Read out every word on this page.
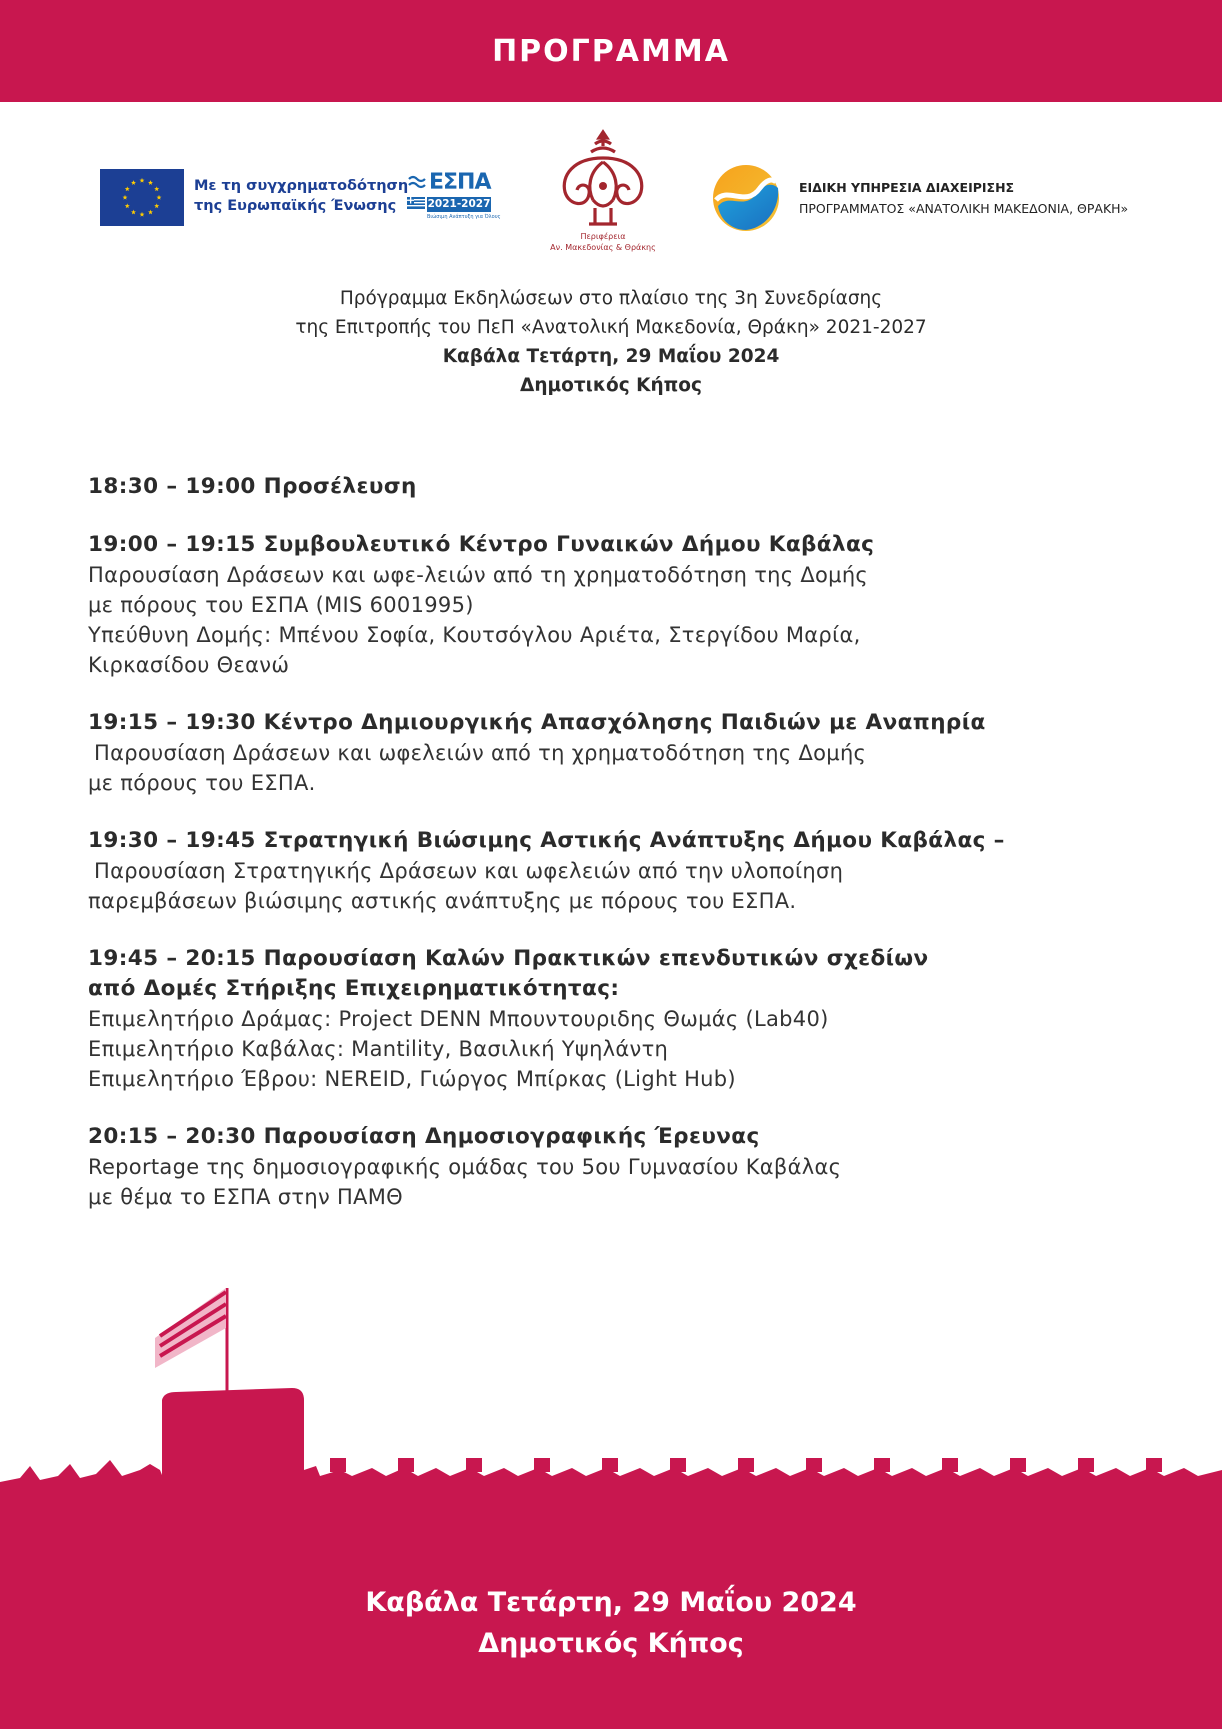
ΠΡΟΓΡΑΜΜΑ
Με τη συγχρηματοδότηση
της Ευρωπαϊκής Ένωσης
ΕΣΠΑ
2021-2027
Βιώσιμη Ανάπτυξη για Όλους
Περιφέρεια
Αν. Μακεδονίας & Θράκης
ΕΙΔΙΚΗ ΥΠΗΡΕΣΙΑ ΔΙΑΧΕΙΡΙΣΗΣ
ΠΡΟΓΡΑΜΜΑΤΟΣ «ΑΝΑΤΟΛΙΚΗ ΜΑΚΕΔΟΝΙΑ, ΘΡΑΚΗ»
Πρόγραμμα Εκδηλώσεων στο πλαίσιο της 3η Συνεδρίασης
της Επιτροπής του ΠεΠ «Ανατολική Μακεδονία, Θράκη» 2021-2027
Καβάλα Τετάρτη, 29 Μαΐου 2024
Δημοτικός Κήπος
18:30 – 19:00 Προσέλευση
19:00 – 19:15 Συμβουλευτικό Κέντρο Γυναικών Δήμου Καβάλας
Παρουσίαση Δράσεων και ωφε-λειών από τη χρηματοδότηση της Δομής
με πόρους του ΕΣΠΑ (MIS 6001995)
Υπεύθυνη Δομής: Μπένου Σοφία, Κουτσόγλου Αριέτα, Στεργίδου Μαρία,
Κιρκασίδου Θεανώ
19:15 – 19:30 Κέντρο Δημιουργικής Απασχόλησης Παιδιών με Αναπηρία
Παρουσίαση Δράσεων και ωφελειών από τη χρηματοδότηση της Δομής
με πόρους του ΕΣΠΑ.
19:30 – 19:45 Στρατηγική Βιώσιμης Αστικής Ανάπτυξης Δήμου Καβάλας –
Παρουσίαση Στρατηγικής Δράσεων και ωφελειών από την υλοποίηση
παρεμβάσεων βιώσιμης αστικής ανάπτυξης με πόρους του ΕΣΠΑ.
19:45 – 20:15 Παρουσίαση Καλών Πρακτικών επενδυτικών σχεδίων
από Δομές Στήριξης Επιχειρηματικότητας:
Επιμελητήριο Δράμας: Project DENN Μπουντουριδης Θωμάς (Lab40)
Επιμελητήριο Καβάλας: Mantility, Βασιλική Υψηλάντη
Επιμελητήριο Έβρου: NEREID, Γιώργος Μπίρκας (Light Hub)
20:15 – 20:30 Παρουσίαση Δημοσιογραφικής Έρευνας
Reportage της δημοσιογραφικής ομάδας του 5ου Γυμνασίου Καβάλας
με θέμα το ΕΣΠΑ στην ΠΑΜΘ
Καβάλα Τετάρτη, 29 Μαΐου 2024
Δημοτικός Κήπος
